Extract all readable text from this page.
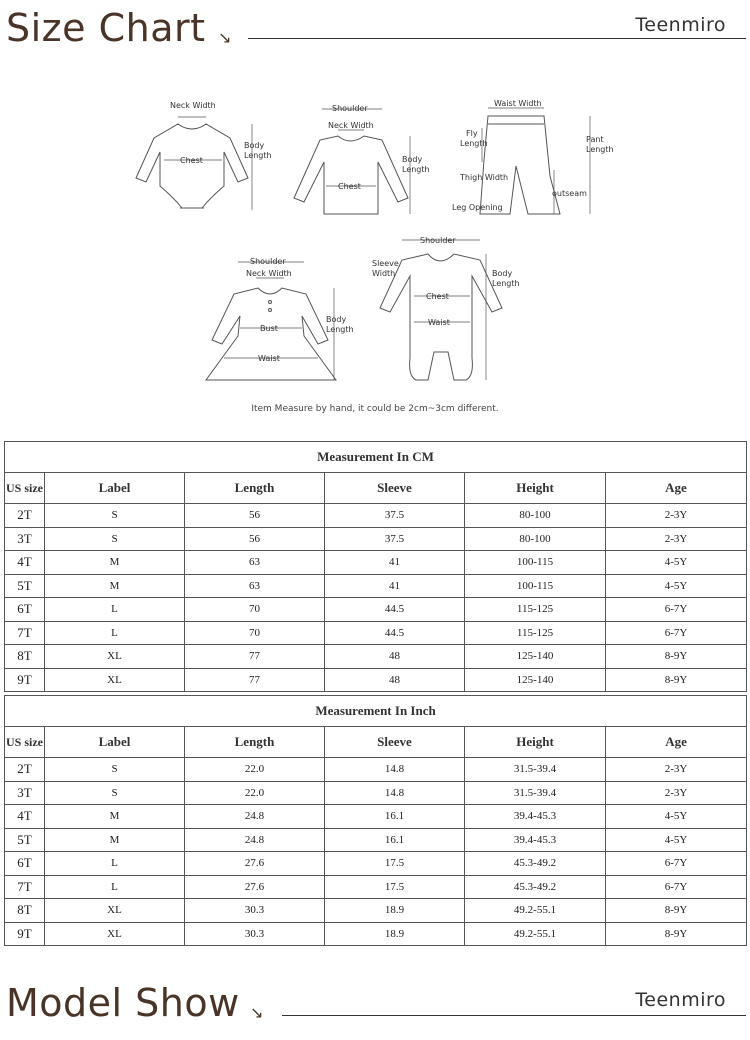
Size Chart ↘
Teenmiro
Neck Width
Chest
Body
Length
Shoulder
Neck Width
Chest
Body
Length
Waist Width
Fly
Length
Thigh Width
outseam
Leg Opening
Pant
Length
Shoulder
Neck Width
Bust
Waist
Body
Length
Shoulder
Sleeve
Width
Chest
Waist
Body
Length
Item Measure by hand, it could be 2cm~3cm different.
Measurement In CM					
US size	Label	Length	Sleeve	Height	Age
2T	S	56	37.5	80-100	2-3Y
3T	S	56	37.5	80-100	2-3Y
4T	M	63	41	100-115	4-5Y
5T	M	63	41	100-115	4-5Y
6T	L	70	44.5	115-125	6-7Y
7T	L	70	44.5	115-125	6-7Y
8T	XL	77	48	125-140	8-9Y
9T	XL	77	48	125-140	8-9Y
Measurement In Inch					
US size	Label	Length	Sleeve	Height	Age
2T	S	22.0	14.8	31.5-39.4	2-3Y
3T	S	22.0	14.8	31.5-39.4	2-3Y
4T	M	24.8	16.1	39.4-45.3	4-5Y
5T	M	24.8	16.1	39.4-45.3	4-5Y
6T	L	27.6	17.5	45.3-49.2	6-7Y
7T	L	27.6	17.5	45.3-49.2	6-7Y
8T	XL	30.3	18.9	49.2-55.1	8-9Y
9T	XL	30.3	18.9	49.2-55.1	8-9Y
Model Show ↘
Teenmiro
